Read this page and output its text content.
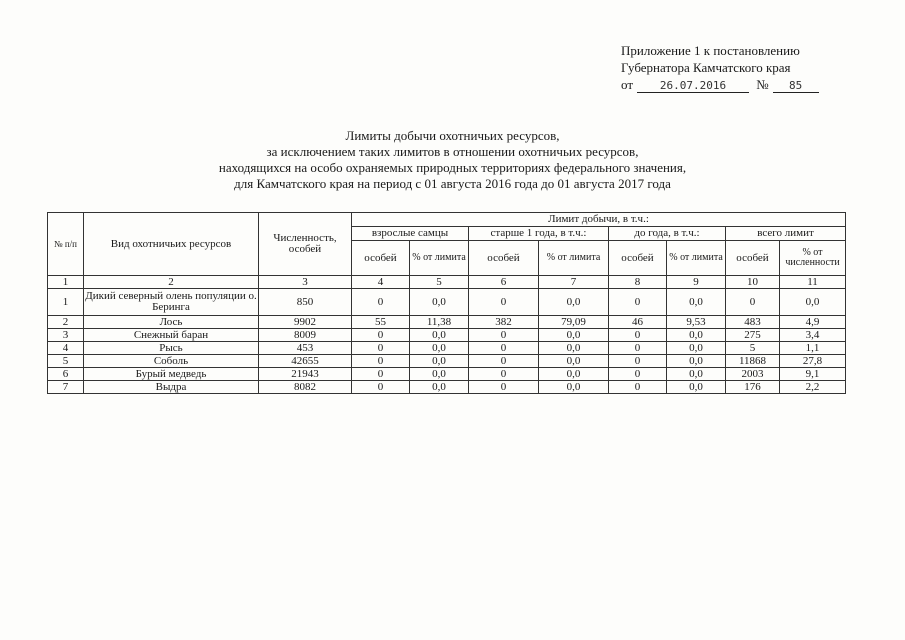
Приложение 1 к постановлению
Губернатора Камчатского края
от 26.07.2016 № 85
Лимиты добычи охотничьих ресурсов,
за исключением таких лимитов в отношении охотничьих ресурсов,
находящихся на особо охраняемых природных территориях федерального значения,
для Камчатского края на период с 01 августа 2016 года до 01 августа 2017 года
№ п/п	Вид охотничьих ресурсов	Численность, особей	Лимит добычи, в т.ч.:							
			взрослые самцы		старше 1 года, в т.ч.:		до года, в т.ч.:		всего лимит	
			особей	% от лимита	особей	% от лимита	особей	% от лимита	особей	% от численности
1	2	3	4	5	6	7	8	9	10	11
1	Дикий северный олень популяции о. Беринга	850	0	0,0	0	0,0	0	0,0	0	0,0
2	Лось	9902	55	11,38	382	79,09	46	9,53	483	4,9
3	Снежный баран	8009	0	0,0	0	0,0	0	0,0	275	3,4
4	Рысь	453	0	0,0	0	0,0	0	0,0	5	1,1
5	Соболь	42655	0	0,0	0	0,0	0	0,0	11868	27,8
6	Бурый медведь	21943	0	0,0	0	0,0	0	0,0	2003	9,1
7	Выдра	8082	0	0,0	0	0,0	0	0,0	176	2,2
